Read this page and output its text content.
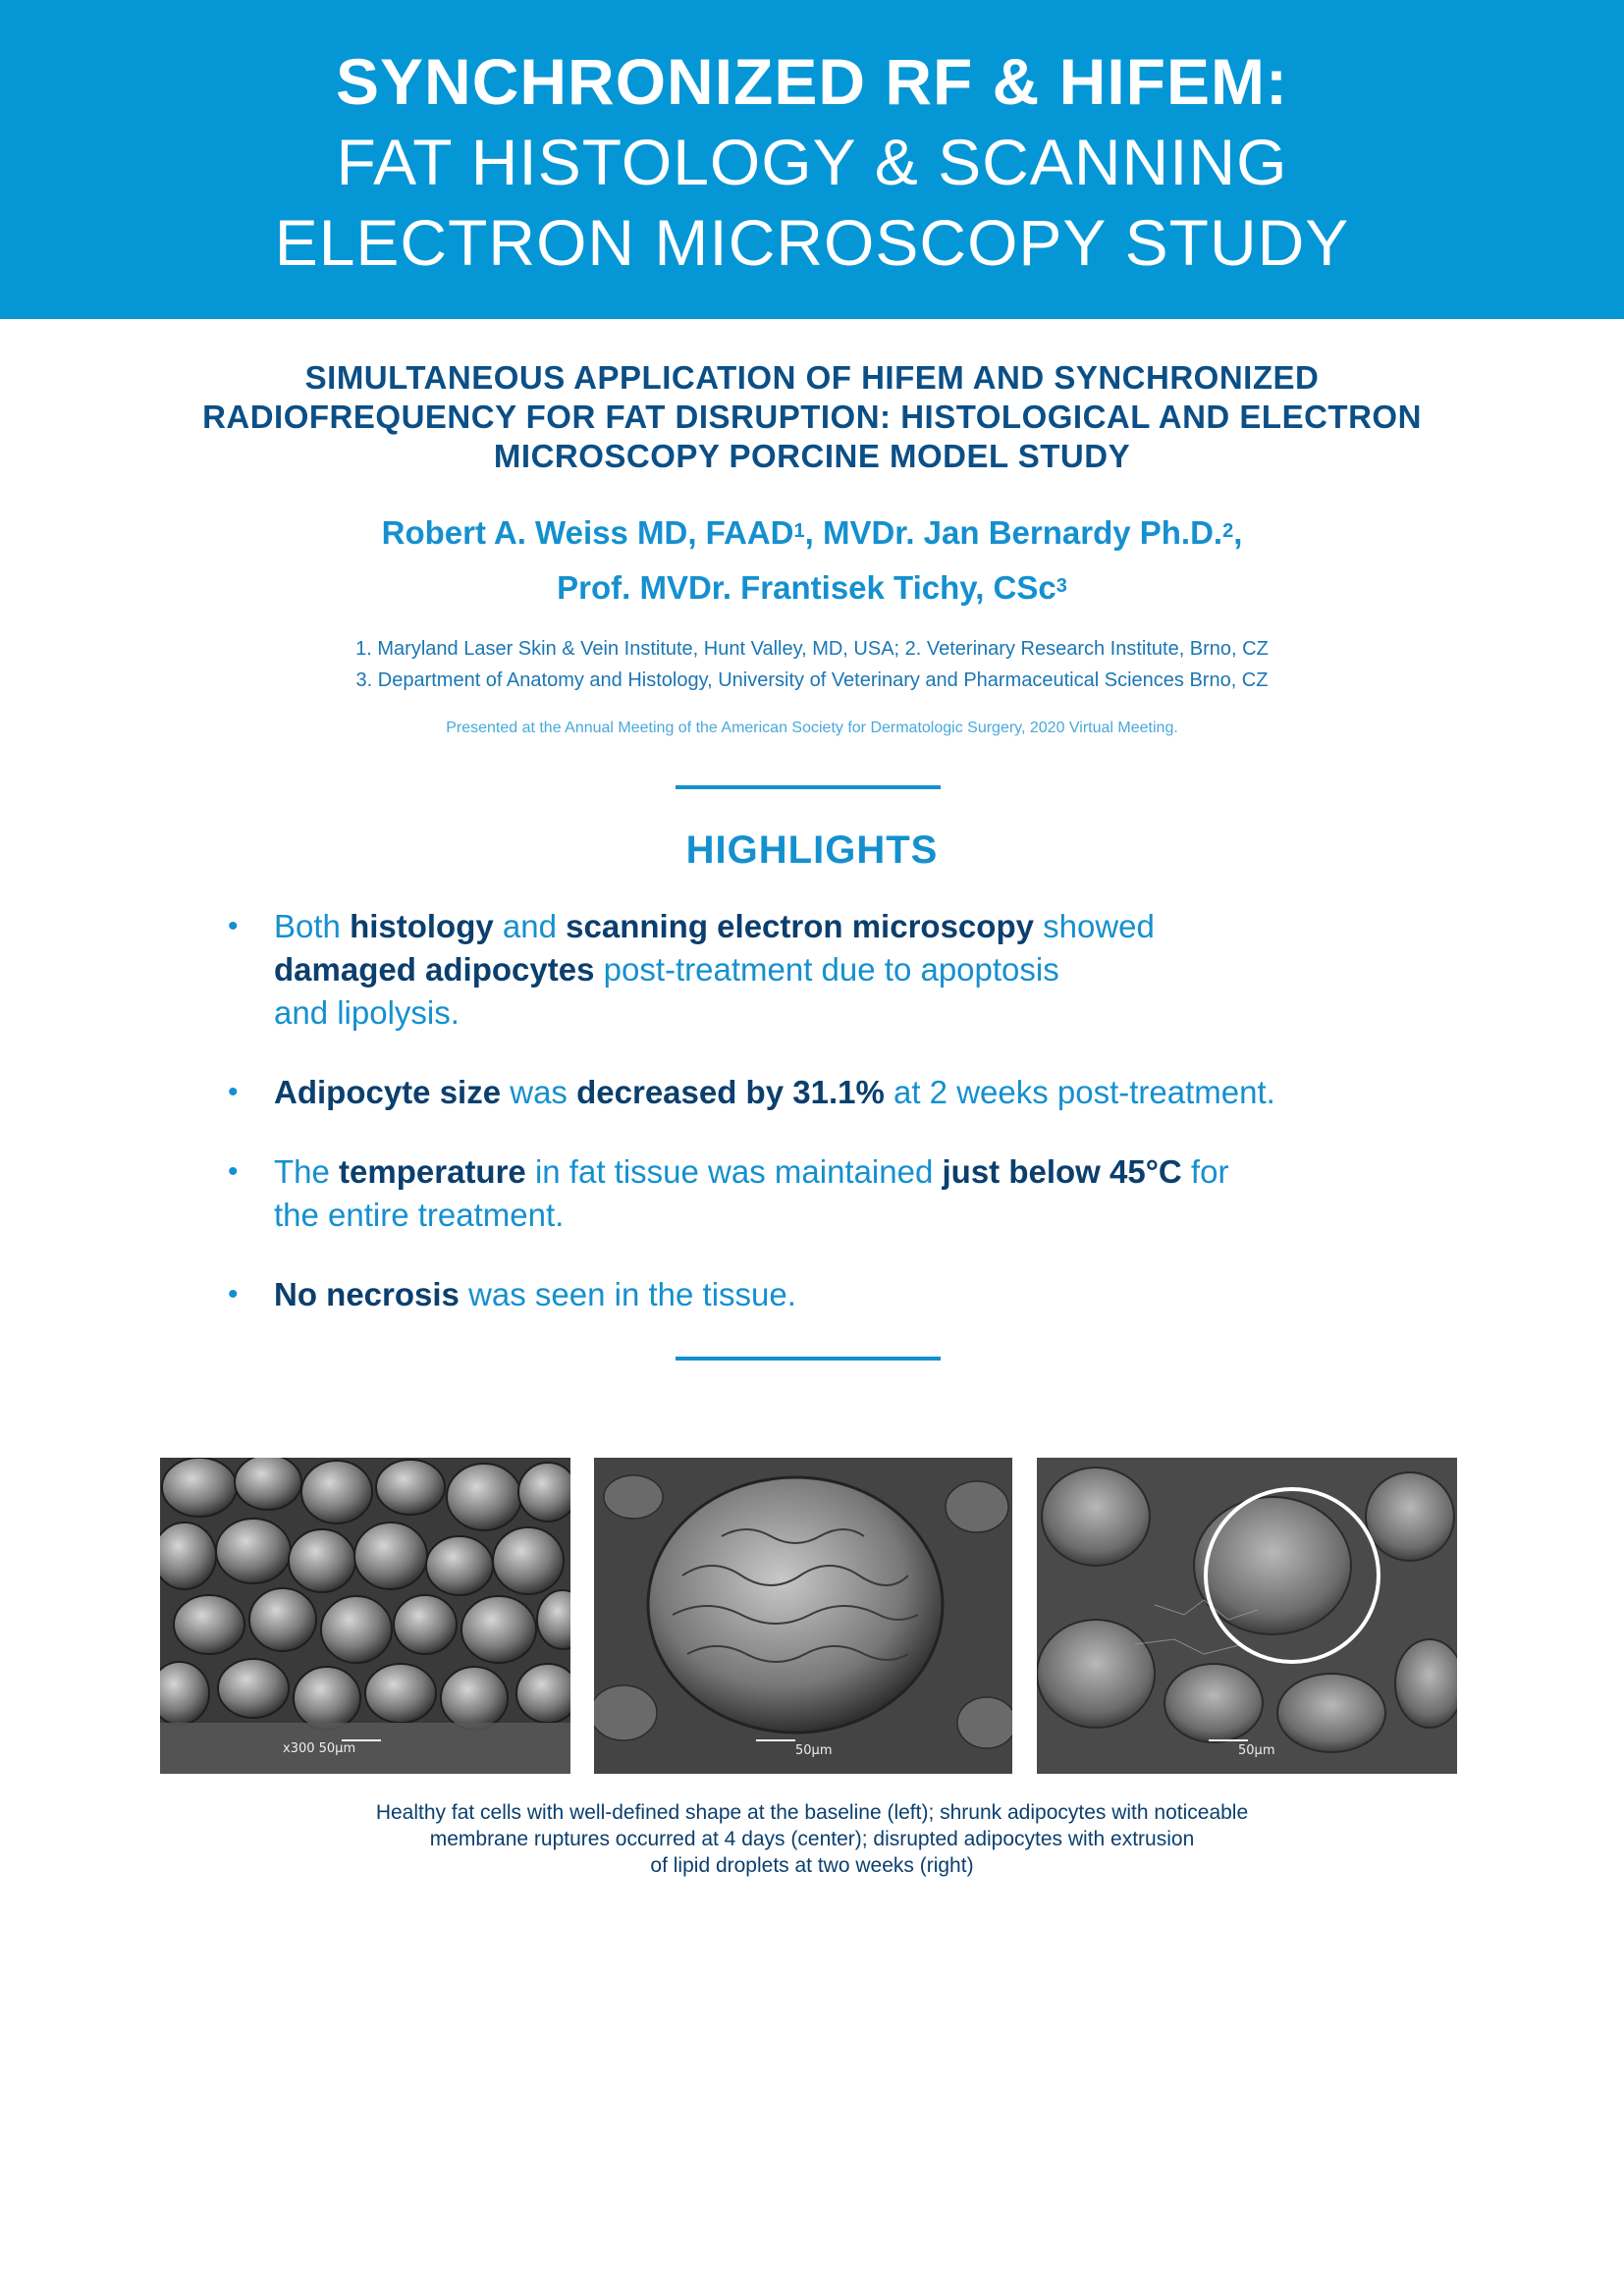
SYNCHRONIZED RF & HIFEM:
FAT HISTOLOGY & SCANNING
ELECTRON MICROSCOPY STUDY
SIMULTANEOUS APPLICATION OF HIFEM AND SYNCHRONIZED
RADIOFREQUENCY FOR FAT DISRUPTION: HISTOLOGICAL AND ELECTRON
MICROSCOPY PORCINE MODEL STUDY
Robert A. Weiss MD, FAAD$^1$, MVDr. Jan Bernardy Ph.D.$^2$,
Prof. MVDr. Frantisek Tichy, CSc$^3$
1. Maryland Laser Skin & Vein Institute, Hunt Valley, MD, USA; 2. Veterinary Research Institute, Brno, CZ
3. Department of Anatomy and Histology, University of Veterinary and Pharmaceutical Sciences Brno, CZ
Presented at the Annual Meeting of the American Society for Dermatologic Surgery, 2020 Virtual Meeting.
HIGHLIGHTS
• Both histology and scanning electron microscopy showed
damaged adipocytes post-treatment due to apoptosis
and lipolysis.
• Adipocyte size was decreased by 31.1% at 2 weeks post-treatment.
• The temperature in fat tissue was maintained just below 45°C for
the entire treatment.
• No necrosis was seen in the tissue.
x300 50µm	50µm	50µm
Healthy fat cells with well-defined shape at the baseline (left); shrunk adipocytes with noticeable
membrane ruptures occurred at 4 days (center); disrupted adipocytes with extrusion
of lipid droplets at two weeks (right)
